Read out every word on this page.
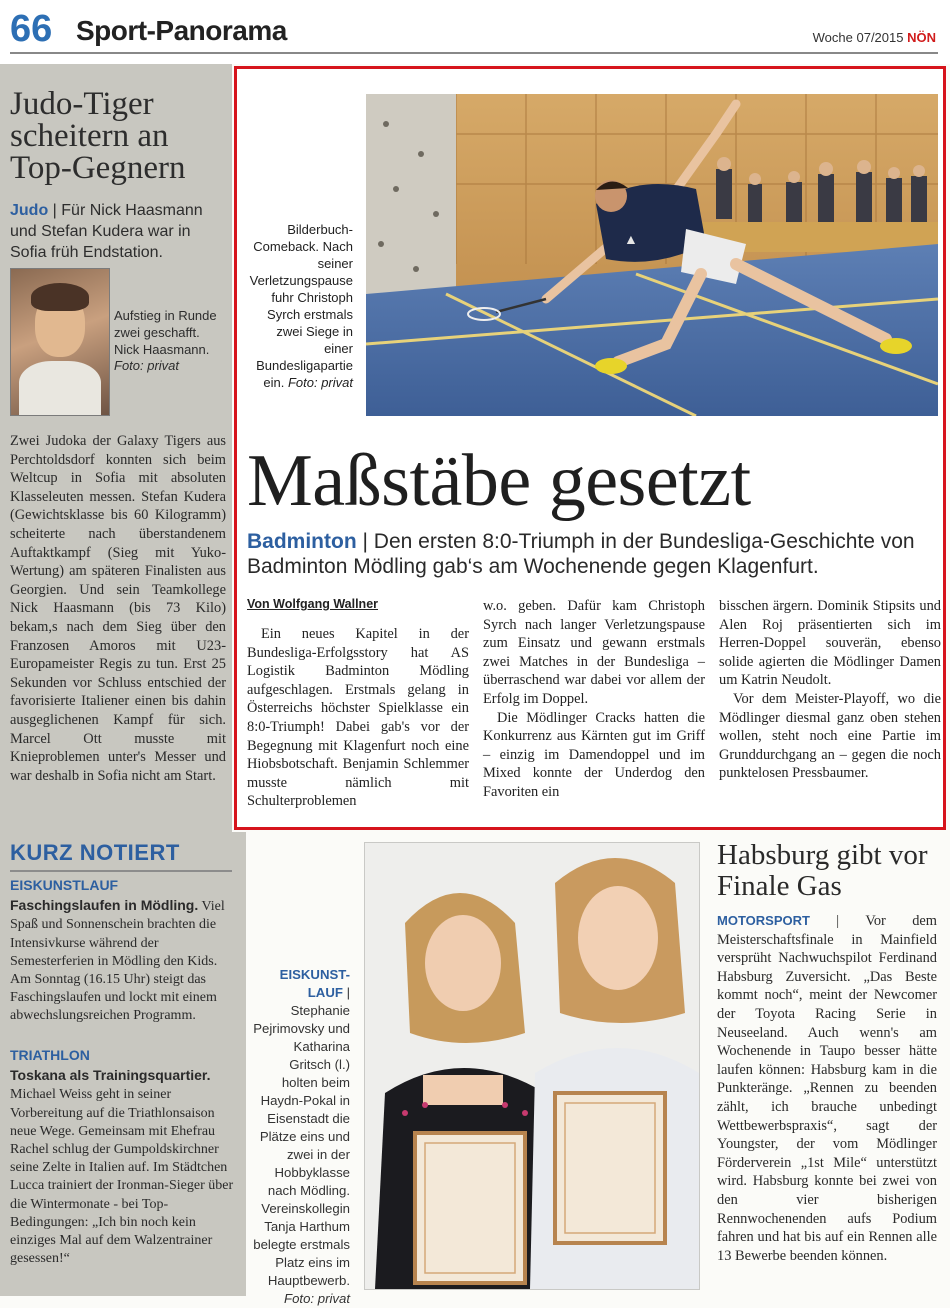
66 Sport-Panorama	Woche 07/2015 NÖN
Judo-Tiger scheitern an Top-Gegnern
Judo | Für Nick Haasmann und Stefan Kudera war in Sofia früh Endstation.
Aufstieg in Runde zwei geschafft. Nick Haasmann. Foto: privat
Zwei Judoka der Galaxy Tigers aus Perchtoldsdorf konnten sich beim Weltcup in Sofia mit absoluten Klasseleuten messen. Stefan Kudera (Gewichtsklasse bis 60 Kilogramm) scheiterte nach überstandenem Auftaktkampf (Sieg mit Yuko-Wertung) am späteren Finalisten aus Georgien. Und sein Teamkollege Nick Haasmann (bis 73 Kilo) bekam,s nach dem Sieg über den Franzosen Amoros mit U23-Europameister Regis zu tun. Erst 25 Sekunden vor Schluss entschied der favorisierte Italiener einen bis dahin ausgeglichenen Kampf für sich. Marcel Ott musste mit Knieproblemen unter's Messer und war deshalb in Sofia nicht am Start.
KURZ NOTIERT
EISKUNSTLAUF
Faschingslaufen in Mödling. Viel Spaß und Sonnenschein brachten die Intensivkurse während der Semesterferien in Mödling den Kids. Am Sonntag (16.15 Uhr) steigt das Faschingslaufen und lockt mit einem abwechslungsreichen Programm.
TRIATHLON
Toskana als Trainingsquartier. Michael Weiss geht in seiner Vorbereitung auf die Triathlonsaison neue Wege. Gemeinsam mit Ehefrau Rachel schlug der Gumpoldskirchner seine Zelte in Italien auf. Im Städtchen Lucca trainiert der Ironman-Sieger über die Wintermonate - bei Top-Bedingungen: „Ich bin noch kein einziges Mal auf dem Walzentrainer gesessen!“
▲
Bilderbuch-Comeback. Nach seiner Verletzungspause fuhr Christoph Syrch erstmals zwei Siege in einer Bundesligapartie ein. Foto: privat
Maßstäbe gesetzt
Badminton | Den ersten 8:0-Triumph in der Bundesliga-Geschichte von Badminton Mödling gab‘s am Wochenende gegen Klagenfurt.
Von Wolfgang Wallner

Ein neues Kapitel in der Bundesliga-Erfolgsstory hat AS Logistik Badminton Mödling aufgeschlagen. Erstmals gelang in Österreichs höchster Spielklasse ein 8:0-Triumph! Dabei gab's vor der Begegnung mit Klagenfurt noch eine Hiobsbotschaft. Benjamin Schlemmer musste nämlich mit Schulterproblemen

w.o. geben. Dafür kam Christoph Syrch nach langer Verletzungspause zum Einsatz und gewann erstmals zwei Matches in der Bundesliga – überraschend war dabei vor allem der Erfolg im Doppel.

Die Mödlinger Cracks hatten die Konkurrenz aus Kärnten gut im Griff – einzig im Damendoppel und im Mixed konnte der Underdog den Favoriten ein

bisschen ärgern. Dominik Stipsits und Alen Roj präsentierten sich im Herren-Doppel souverän, ebenso solide agierten die Mödlinger Damen um Katrin Neudolt.

Vor dem Meister-Playoff, wo die Mödlinger diesmal ganz oben stehen wollen, steht noch eine Partie im Grunddurchgang an – gegen die noch punktelosen Pressbaumer.

EISKUNST-LAUF | Stephanie Pejrimovsky und Katharina Gritsch (l.) holten beim Haydn-Pokal in Eisenstadt die Plätze eins und zwei in der Hobbyklasse nach Mödling. Vereinskollegin Tanja Harthum belegte erstmals Platz eins im Hauptbewerb. Foto: privat
Habsburg gibt vor Finale Gas
MOTORSPORT | Vor dem Meisterschaftsfinale in Mainfield versprüht Nachwuchspilot Ferdinand Habsburg Zuversicht. „Das Beste kommt noch“, meint der Newcomer der Toyota Racing Serie in Neuseeland. Auch wenn's am Wochenende in Taupo besser hätte laufen können: Habsburg kam in die Punkteränge. „Rennen zu beenden zählt, ich brauche unbedingt Wettbewerbspraxis“, sagt der Youngster, der vom Mödlinger Förderverein „1st Mile“ unterstützt wird. Habsburg konnte bei zwei von den vier bisherigen Rennwochenenden aufs Podium fahren und hat bis auf ein Rennen alle 13 Bewerbe beenden können.
